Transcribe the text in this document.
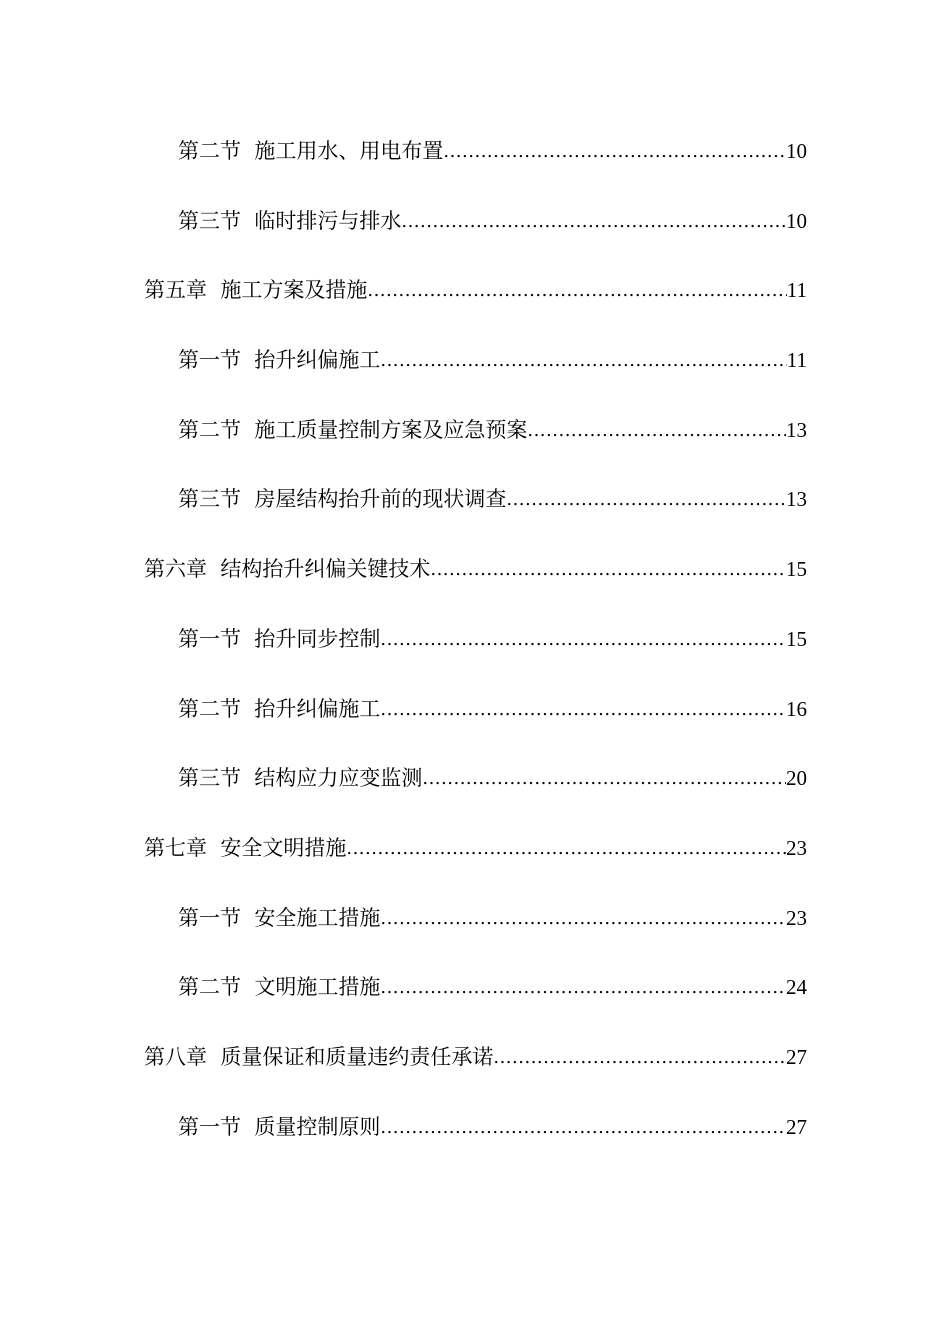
第二节  施工用水、用电布置 .....	10
第三节  临时排污与排水 .....	10
第五章  施工方案及措施 .....	11
第一节  抬升纠偏施工 .....	11
第二节  施工质量控制方案及应急预案 .....	13
第三节  房屋结构抬升前的现状调查 .....	13
第六章  结构抬升纠偏关键技术 .....	15
第一节  抬升同步控制 .....	15
第二节  抬升纠偏施工 .....	16
第三节  结构应力应变监测 .....	20
第七章  安全文明措施 .....	23
第一节  安全施工措施 .....	23
第二节  文明施工措施 .....	24
第八章  质量保证和质量违约责任承诺 .....	27
第一节  质量控制原则 .....	27
